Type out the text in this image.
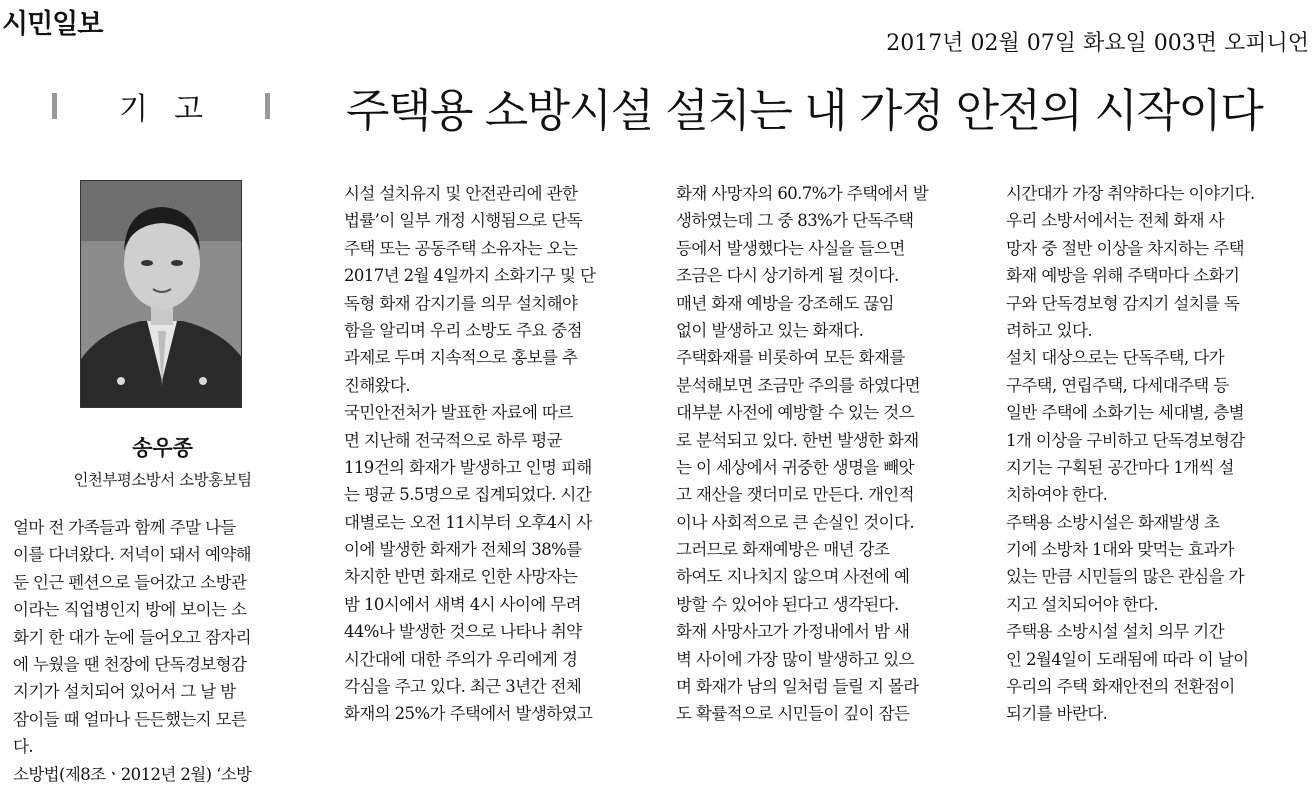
시민일보
2017년 02월 07일 화요일 003면 오피니언
기고	주택용 소방시설 설치는 내 가정 안전의 시작이다
송우종
인천부평소방서 소방홍보팀
얼마 전 가족들과 함께 주말 나들
이를 다녀왔다. 저녁이 돼서 예약해
둔 인근 펜션으로 들어갔고 소방관
이라는 직업병인지 방에 보이는 소
화기 한 대가 눈에 들어오고 잠자리
에 누웠을 땐 천장에 단독경보형감
지기가 설치되어 있어서 그 날 밤
잠이들 때 얼마나 든든했는지 모른
다.
소방법(제8조ㆍ2012년 2월) ‘소방
시설 설치유지 및 안전관리에 관한
법률’이 일부 개정 시행됨으로 단독
주택 또는 공동주택 소유자는 오는
2017년 2월 4일까지 소화기구 및 단
독형 화재 감지기를 의무 설치해야
함을 알리며 우리 소방도 주요 중점
과제로 두며 지속적으로 홍보를 추
진해왔다.
국민안전처가 발표한 자료에 따르
면 지난해 전국적으로 하루 평균
119건의 화재가 발생하고 인명 피해
는 평균 5.5명으로 집계되었다. 시간
대별로는 오전 11시부터 오후4시 사
이에 발생한 화재가 전체의 38%를
차지한 반면 화재로 인한 사망자는
밤 10시에서 새벽 4시 사이에 무려
44%나 발생한 것으로 나타나 취약
시간대에 대한 주의가 우리에게 경
각심을 주고 있다. 최근 3년간 전체
화재의 25%가 주택에서 발생하였고
화재 사망자의 60.7%가 주택에서 발
생하였는데 그 중 83%가 단독주택
등에서 발생했다는 사실을 들으면
조금은 다시 상기하게 될 것이다.
매년 화재 예방을 강조해도 끊임
없이 발생하고 있는 화재다.
주택화재를 비롯하여 모든 화재를
분석해보면 조금만 주의를 하였다면
대부분 사전에 예방할 수 있는 것으
로 분석되고 있다. 한번 발생한 화재
는 이 세상에서 귀중한 생명을 빼앗
고 재산을 잿더미로 만든다. 개인적
이나 사회적으로 큰 손실인 것이다.
그러므로 화재예방은 매년 강조
하여도 지나치지 않으며 사전에 예
방할 수 있어야 된다고 생각된다.
화재 사망사고가 가정내에서 밤 새
벽 사이에 가장 많이 발생하고 있으
며 화재가 남의 일처럼 들릴 지 몰라
도 확률적으로 시민들이 깊이 잠든
시간대가 가장 취약하다는 이야기다.
우리 소방서에서는 전체 화재 사
망자 중 절반 이상을 차지하는 주택
화재 예방을 위해 주택마다 소화기
구와 단독경보형 감지기 설치를 독
려하고 있다.
설치 대상으로는 단독주택, 다가
구주택, 연립주택, 다세대주택 등
일반 주택에 소화기는 세대별, 층별
1개 이상을 구비하고 단독경보형감
지기는 구획된 공간마다 1개씩 설
치하여야 한다.
주택용 소방시설은 화재발생 초
기에 소방차 1대와 맞먹는 효과가
있는 만큼 시민들의 많은 관심을 가
지고 설치되어야 한다.
주택용 소방시설 설치 의무 기간
인 2월4일이 도래됨에 따라 이 날이
우리의 주택 화재안전의 전환점이
되기를 바란다.
